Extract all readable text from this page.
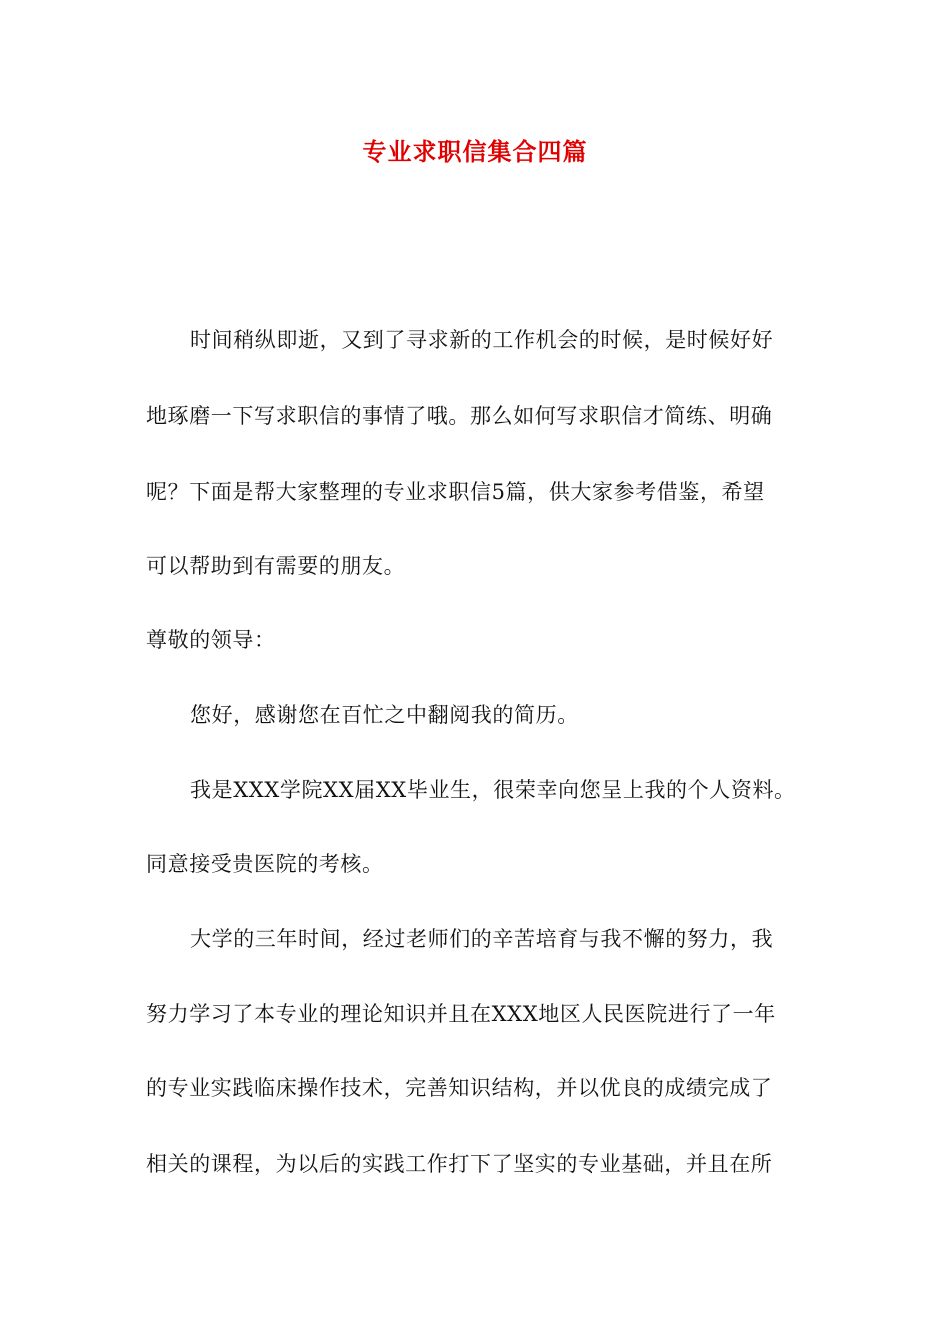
专业求职信集合四篇
时间稍纵即逝，又到了寻求新的工作机会的时候，是时候好好
地琢磨一下写求职信的事情了哦。那么如何写求职信才简练、明确
呢？下面是帮大家整理的专业求职信5篇，供大家参考借鉴，希望
可以帮助到有需要的朋友。
尊敬的领导：
您好，感谢您在百忙之中翻阅我的简历。
我是XXX学院XX届XX毕业生，很荣幸向您呈上我的个人资料。
同意接受贵医院的考核。
大学的三年时间，经过老师们的辛苦培育与我不懈的努力，我
努力学习了本专业的理论知识并且在XXX地区人民医院进行了一年
的专业实践临床操作技术，完善知识结构，并以优良的成绩完成了
相关的课程，为以后的实践工作打下了坚实的专业基础，并且在所
